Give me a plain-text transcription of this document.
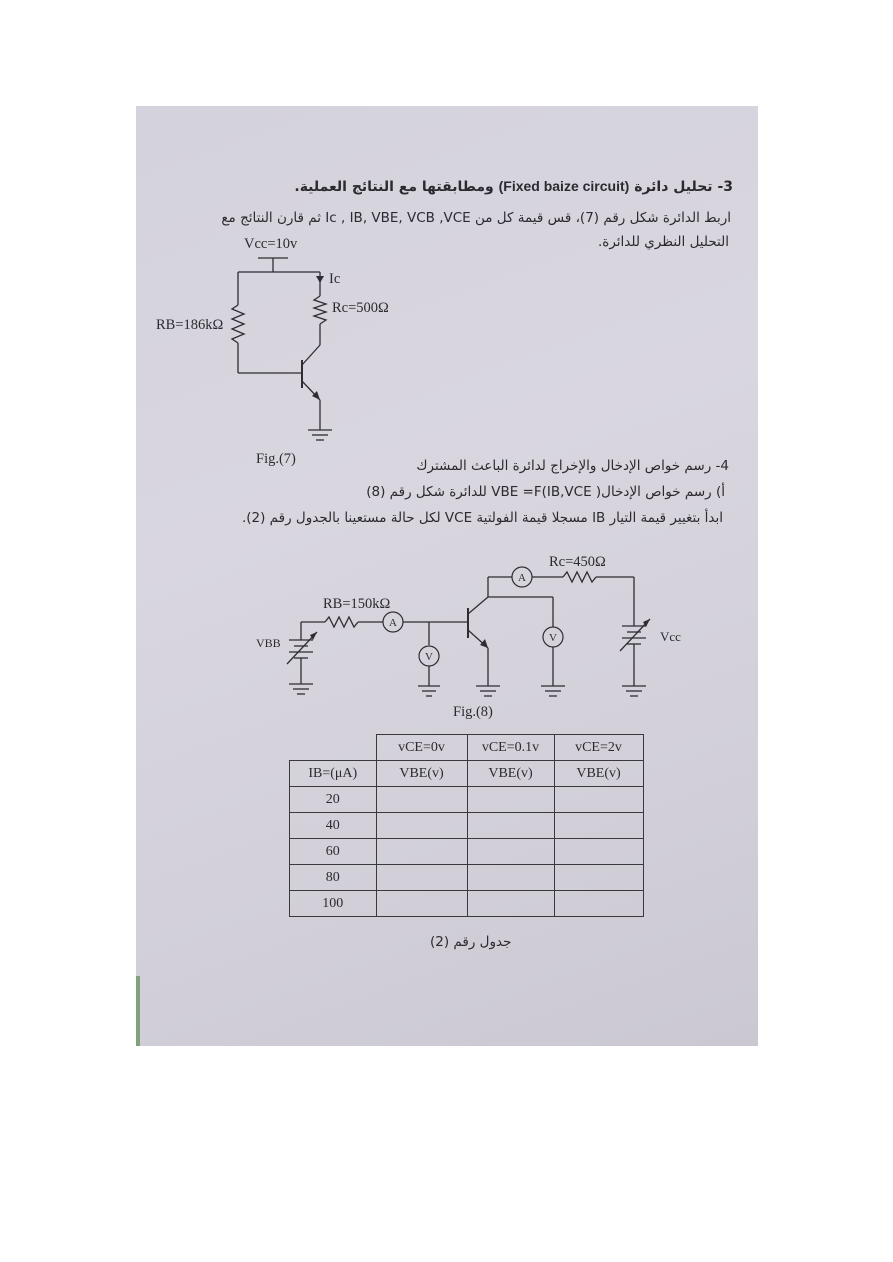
3- تحليل دائرة (Fixed baize circuit) ومطابقتها مع النتائج العملية.
اربط الدائرة شكل رقم (7)، قس قيمة كل من Ic , IB, VBE, VCB ,VCE ثم قارن النتائج مع
التحليل النظري للدائرة.
Vcc=10v
Ic
Rc=500Ω
RB=186kΩ
Fig.(7)	4- رسم خواص الإدخال والإخراج لدائرة الباعث المشترك
أ) رسم خواص الإدخال( VBE =F(IB,VCE للدائرة شكل رقم (8)
ابدأ بتغيير قيمة التيار IB مسجلا قيمة الفولتية VCE لكل حالة مستعينا بالجدول رقم (2).
A
V
A
V
Rc=450Ω
RB=150kΩ
VBB	Vcc
Fig.(8)
	vCE=0v	vCE=0.1v	vCE=2v
IB=(μA)	VBE(v)	VBE(v)	VBE(v)
20			
40			
60			
80			
100			
جدول رقم (2)
